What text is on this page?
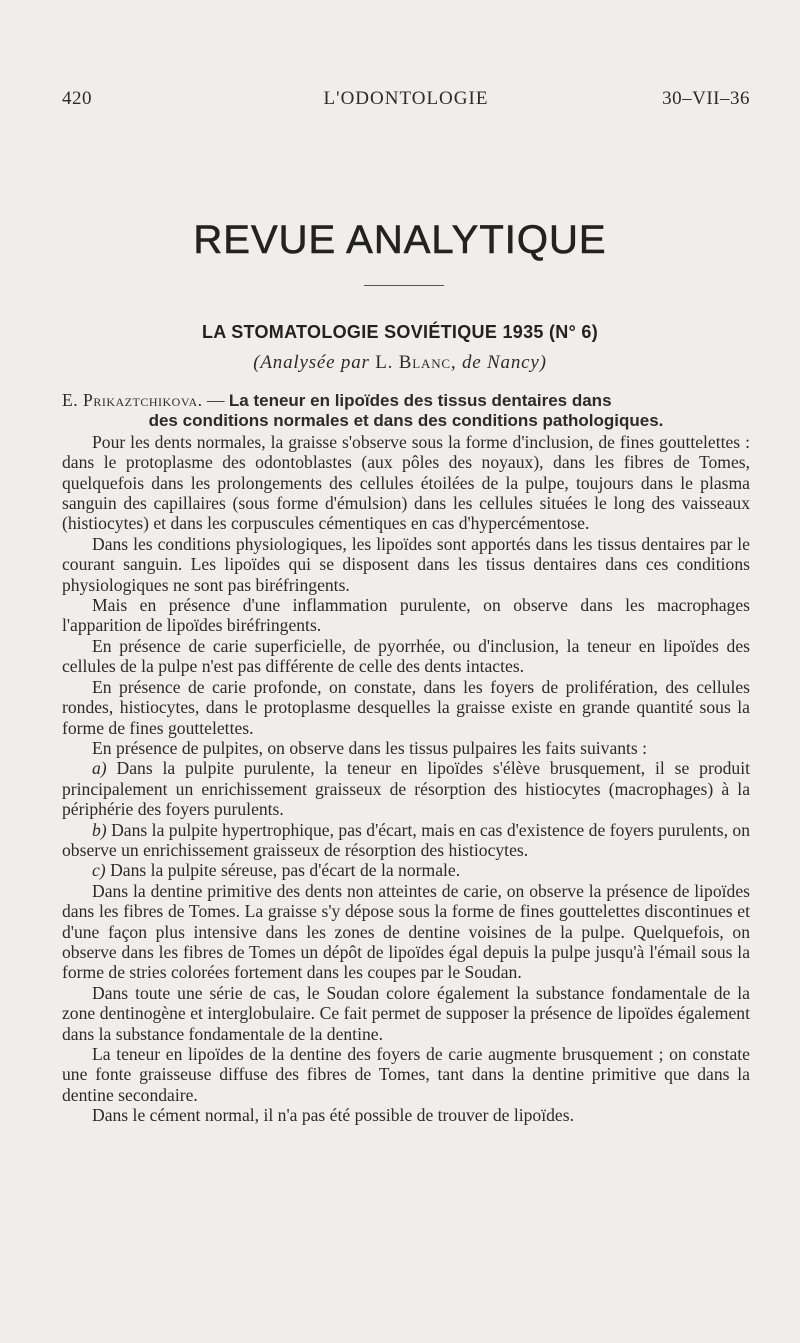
420	L'ODONTOLOGIE	30–VII–36
REVUE ANALYTIQUE
LA STOMATOLOGIE SOVIÉTIQUE 1935 (N° 6)
(Analysée par L. Blanc, de Nancy)

E. Prikaztchikova. — La teneur en lipoïdes des tissus dentaires dans
des conditions normales et dans des conditions pathologiques.

Pour les dents normales, la graisse s'observe sous la forme d'inclusion, de fines gouttelettes : dans le protoplasme des odontoblastes (aux pôles des noyaux), dans les fibres de Tomes, quelquefois dans les prolongements des cellules étoilées de la pulpe, toujours dans le plasma sanguin des capillaires (sous forme d'émulsion) dans les cellules situées le long des vaisseaux (histiocytes) et dans les corpuscules cémentiques en cas d'hypercémentose.

Dans les conditions physiologiques, les lipoïdes sont apportés dans les tissus dentaires par le courant sanguin. Les lipoïdes qui se disposent dans les tissus dentaires dans ces conditions physiologiques ne sont pas biréfringents.

Mais en présence d'une inflammation purulente, on observe dans les macrophages l'apparition de lipoïdes biréfringents.

En présence de carie superficielle, de pyorrhée, ou d'inclusion, la teneur en lipoïdes des cellules de la pulpe n'est pas différente de celle des dents intactes.

En présence de carie profonde, on constate, dans les foyers de prolifération, des cellules rondes, histiocytes, dans le protoplasme desquelles la graisse existe en grande quantité sous la forme de fines gouttelettes.

En présence de pulpites, on observe dans les tissus pulpaires les faits suivants :

a) Dans la pulpite purulente, la teneur en lipoïdes s'élève brusquement, il se produit principalement un enrichissement graisseux de résorption des histiocytes (macrophages) à la périphérie des foyers purulents.

b) Dans la pulpite hypertrophique, pas d'écart, mais en cas d'existence de foyers purulents, on observe un enrichissement graisseux de résorption des histiocytes.

c) Dans la pulpite séreuse, pas d'écart de la normale.

Dans la dentine primitive des dents non atteintes de carie, on observe la présence de lipoïdes dans les fibres de Tomes. La graisse s'y dépose sous la forme de fines gouttelettes discontinues et d'une façon plus intensive dans les zones de dentine voisines de la pulpe. Quelquefois, on observe dans les fibres de Tomes un dépôt de lipoïdes égal depuis la pulpe jusqu'à l'émail sous la forme de stries colorées fortement dans les coupes par le Soudan.

Dans toute une série de cas, le Soudan colore également la substance fondamentale de la zone dentinogène et interglobulaire. Ce fait permet de supposer la présence de lipoïdes également dans la substance fondamentale de la dentine.

La teneur en lipoïdes de la dentine des foyers de carie augmente brusquement ; on constate une fonte graisseuse diffuse des fibres de Tomes, tant dans la dentine primitive que dans la dentine secondaire.

Dans le cément normal, il n'a pas été possible de trouver de lipoïdes.
